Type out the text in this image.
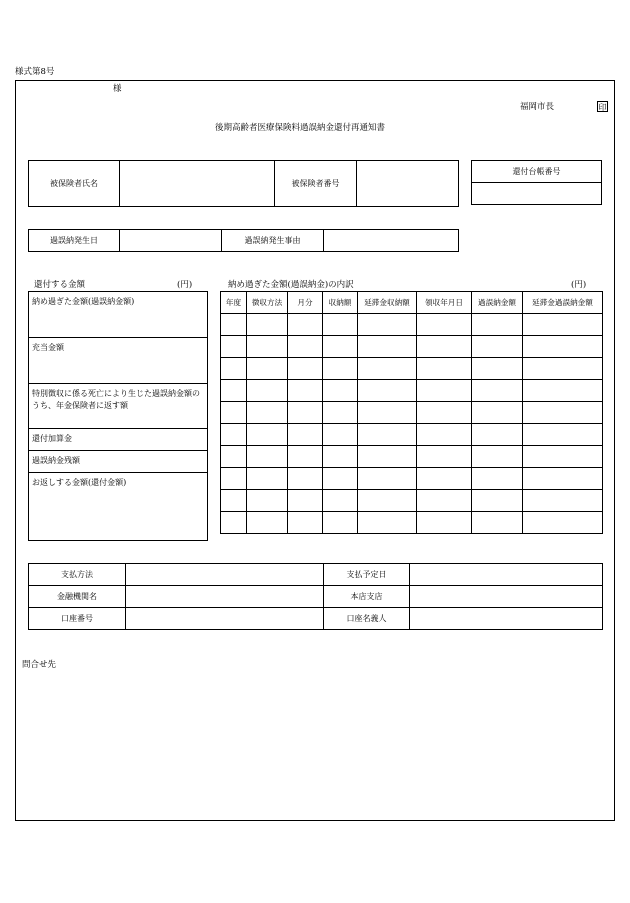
様式第8号
様
福岡市長	印
後期高齢者医療保険料過誤納金還付再通知書
被保険者氏名		被保険者番号	
還付台帳番号

過誤納発生日		過誤納発生事由	
還付する金額	(円)	納め過ぎた金額(過誤納金)の内訳	(円)
納め過ぎた金額(過誤納金額)
充当金額
特別徴収に係る死亡により生じた過誤納金額のうち、年金保険者に返す額
還付加算金
過誤納金残額
お返しする金額(還付金額)
年度	徴収方法	月分	収納額	延滞金収納額	領収年月日	過誤納金額	延滞金過誤納金額

支払方法		支払予定日	
金融機関名		本店支店	
口座番号		口座名義人	
問合せ先
